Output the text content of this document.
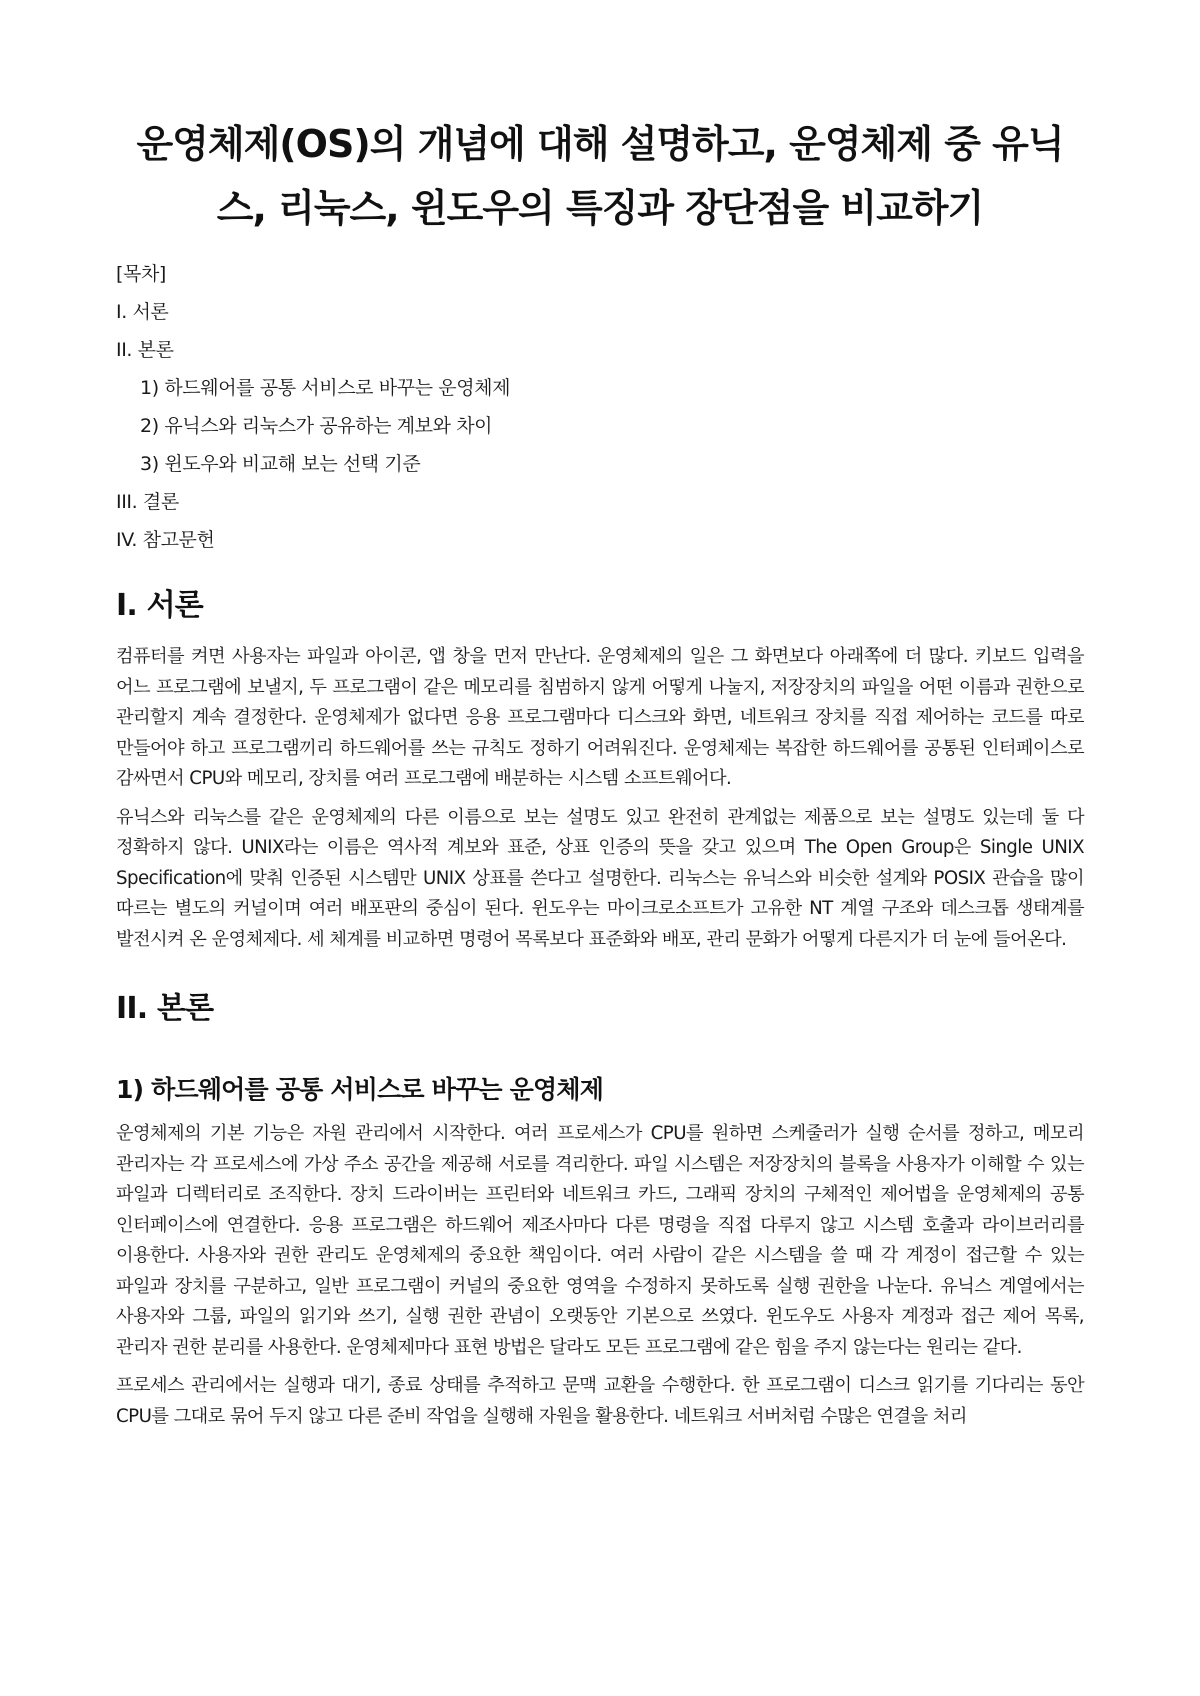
운영체제(OS)의 개념에 대해 설명하고, 운영체제 중 유닉스, 리눅스, 윈도우의 특징과 장단점을 비교하기
[목차]
I. 서론
II. 본론
1) 하드웨어를 공통 서비스로 바꾸는 운영체제
2) 유닉스와 리눅스가 공유하는 계보와 차이
3) 윈도우와 비교해 보는 선택 기준
III. 결론
IV. 참고문헌
I. 서론

컴퓨터를 켜면 사용자는 파일과 아이콘, 앱 창을 먼저 만난다. 운영체제의 일은 그 화면보다 아래쪽에 더 많다. 키보드 입력을 어느 프로그램에 보낼지, 두 프로그램이 같은 메모리를 침범하지 않게 어떻게 나눌지, 저장장치의 파일을 어떤 이름과 권한으로 관리할지 계속 결정한다. 운영체제가 없다면 응용 프로그램마다 디스크와 화면, 네트워크 장치를 직접 제어하는 코드를 따로 만들어야 하고 프로그램끼리 하드웨어를 쓰는 규칙도 정하기 어려워진다. 운영체제는 복잡한 하드웨어를 공통된 인터페이스로 감싸면서 CPU와 메모리, 장치를 여러 프로그램에 배분하는 시스템 소프트웨어다.

유닉스와 리눅스를 같은 운영체제의 다른 이름으로 보는 설명도 있고 완전히 관계없는 제품으로 보는 설명도 있는데 둘 다 정확하지 않다. UNIX라는 이름은 역사적 계보와 표준, 상표 인증의 뜻을 갖고 있으며 The Open Group은 Single UNIX Specification에 맞춰 인증된 시스템만 UNIX 상표를 쓴다고 설명한다. 리눅스는 유닉스와 비슷한 설계와 POSIX 관습을 많이 따르는 별도의 커널이며 여러 배포판의 중심이 된다. 윈도우는 마이크로소프트가 고유한 NT 계열 구조와 데스크톱 생태계를 발전시켜 온 운영체제다. 세 체계를 비교하면 명령어 목록보다 표준화와 배포, 관리 문화가 어떻게 다른지가 더 눈에 들어온다.

II. 본론
1) 하드웨어를 공통 서비스로 바꾸는 운영체제

운영체제의 기본 기능은 자원 관리에서 시작한다. 여러 프로세스가 CPU를 원하면 스케줄러가 실행 순서를 정하고, 메모리 관리자는 각 프로세스에 가상 주소 공간을 제공해 서로를 격리한다. 파일 시스템은 저장장치의 블록을 사용자가 이해할 수 있는 파일과 디렉터리로 조직한다. 장치 드라이버는 프린터와 네트워크 카드, 그래픽 장치의 구체적인 제어법을 운영체제의 공통 인터페이스에 연결한다. 응용 프로그램은 하드웨어 제조사마다 다른 명령을 직접 다루지 않고 시스템 호출과 라이브러리를 이용한다. 사용자와 권한 관리도 운영체제의 중요한 책임이다. 여러 사람이 같은 시스템을 쓸 때 각 계정이 접근할 수 있는 파일과 장치를 구분하고, 일반 프로그램이 커널의 중요한 영역을 수정하지 못하도록 실행 권한을 나눈다. 유닉스 계열에서는 사용자와 그룹, 파일의 읽기와 쓰기, 실행 권한 관념이 오랫동안 기본으로 쓰였다. 윈도우도 사용자 계정과 접근 제어 목록, 관리자 권한 분리를 사용한다. 운영체제마다 표현 방법은 달라도 모든 프로그램에 같은 힘을 주지 않는다는 원리는 같다.

프로세스 관리에서는 실행과 대기, 종료 상태를 추적하고 문맥 교환을 수행한다. 한 프로그램이 디스크 읽기를 기다리는 동안 CPU를 그대로 묶어 두지 않고 다른 준비 작업을 실행해 자원을 활용한다. 네트워크 서버처럼 수많은 연결을 처리
